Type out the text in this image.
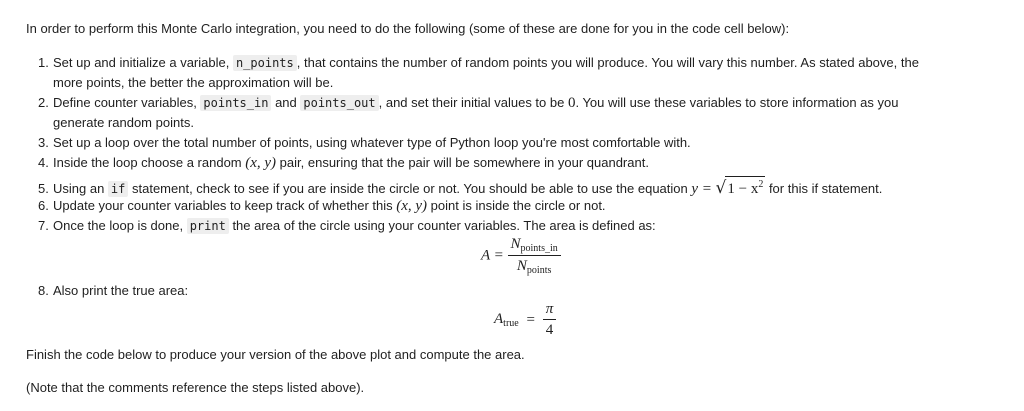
In order to perform this Monte Carlo integration, you need to do the following (some of these are done for you in the code cell below):
1. Set up and initialize a variable, n_points , that contains the number of random points you will produce. You will vary this number. As stated above, the
more points, the better the approximation will be.
2. Define counter variables, points_in and points_out , and set their initial values to be 0. You will use these variables to store information as you
generate random points.
3. Set up a loop over the total number of points, using whatever type of Python loop you're most comfortable with.
4. Inside the loop choose a random (x, y) pair, ensuring that the pair will be somewhere in your quandrant.
5. Using an if statement, check to see if you are inside the circle or not. You should be able to use the equation $y = √1 - x^2$ for this if statement.
6. Update your counter variables to keep track of whether this (x, y) point is inside the circle or not.
7. Once the loop is done, print the area of the circle using your counter variables. The area is defined as:
$A = \frac{N_{points\_in}}{N_{points}}$
8. Also print the true area:
$A_{true} = \frac{\pi}{4}$
Finish the code below to produce your version of the above plot and compute the area.
(Note that the comments reference the steps listed above).
